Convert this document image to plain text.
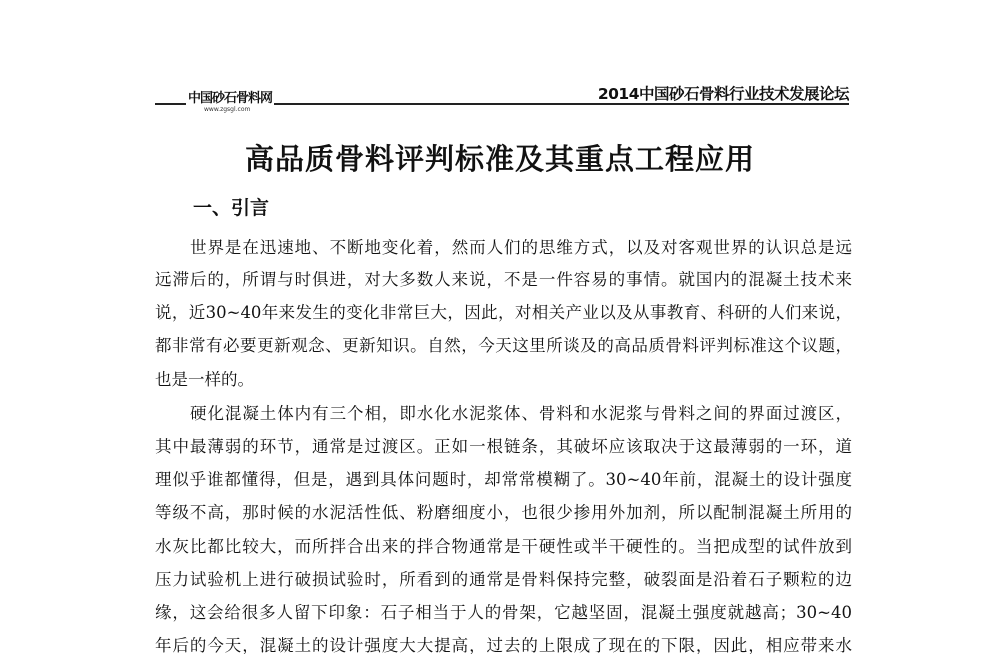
中国砂石骨料网
www.zgsgl.com
2014中国砂石骨料行业技术发展论坛
高品质骨料评判标准及其重点工程应用
一、引言
世界是在迅速地、不断地变化着，然而人们的思维方式，以及对客观世界的认识总是远
远滞后的，所谓与时俱进，对大多数人来说，不是一件容易的事情。就国内的混凝土技术来
说，近30~40年来发生的变化非常巨大，因此，对相关产业以及从事教育、科研的人们来说，
都非常有必要更新观念、更新知识。自然，今天这里所谈及的高品质骨料评判标准这个议题，
也是一样的。
硬化混凝土体内有三个相，即水化水泥浆体、骨料和水泥浆与骨料之间的界面过渡区，
其中最薄弱的环节，通常是过渡区。正如一根链条，其破坏应该取决于这最薄弱的一环，道
理似乎谁都懂得，但是，遇到具体问题时，却常常模糊了。30~40年前，混凝土的设计强度
等级不高，那时候的水泥活性低、粉磨细度小，也很少掺用外加剂，所以配制混凝土所用的
水灰比都比较大，而所拌合出来的拌合物通常是干硬性或半干硬性的。当把成型的试件放到
压力试验机上进行破损试验时，所看到的通常是骨料保持完整，破裂面是沿着石子颗粒的边
缘，这会给很多人留下印象：石子相当于人的骨架，它越坚固，混凝土强度就越高；30~40
年后的今天，混凝土的设计强度大大提高，过去的上限成了现在的下限，因此，相应带来水
